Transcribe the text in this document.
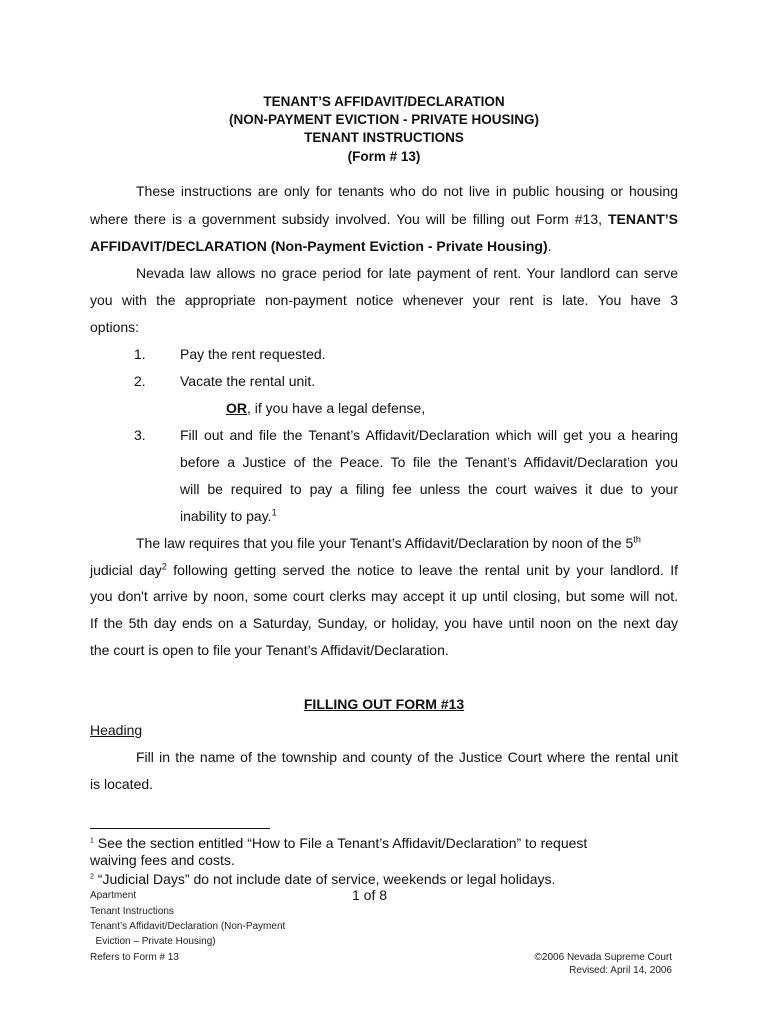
TENANT’S AFFIDAVIT/DECLARATION
(NON-PAYMENT EVICTION - PRIVATE HOUSING)
TENANT INSTRUCTIONS
(Form # 13)
These instructions are only for tenants who do not live in public housing or housing
where there is a government subsidy involved. You will be filling out Form #13, TENANT’S
AFFIDAVIT/DECLARATION (Non-Payment Eviction - Private Housing).
Nevada law allows no grace period for late payment of rent. Your landlord can serve
you with the appropriate non-payment notice whenever your rent is late. You have 3
options:
1. Pay the rent requested.
2. Vacate the rental unit.
OR, if you have a legal defense,
3. Fill out and file the Tenant’s Affidavit/Declaration which will get you a hearing
before a Justice of the Peace. To file the Tenant’s Affidavit/Declaration you
will be required to pay a filing fee unless the court waives it due to your
inability to pay.$^1$
The law requires that you file your Tenant’s Affidavit/Declaration by noon of the 5th
judicial day$^2$ following getting served the notice to leave the rental unit by your landlord. If
you don't arrive by noon, some court clerks may accept it up until closing, but some will not.
If the 5th day ends on a Saturday, Sunday, or holiday, you have until noon on the next day
the court is open to file your Tenant’s Affidavit/Declaration.
FILLING OUT FORM #13
Heading
Fill in the name of the township and county of the Justice Court where the rental unit
is located.
$^1$ See the section entitled “How to File a Tenant’s Affidavit/Declaration” to request
waiving fees and costs.
$^2$ “Judicial Days” do not include date of service, weekends or legal holidays.
1 of 8
Apartment
Tenant Instructions
Tenant’s Affidavit/Declaration (Non-Payment
Eviction – Private Housing)
Refers to Form # 13	©2006 Nevada Supreme Court
Revised: April 14, 2006
